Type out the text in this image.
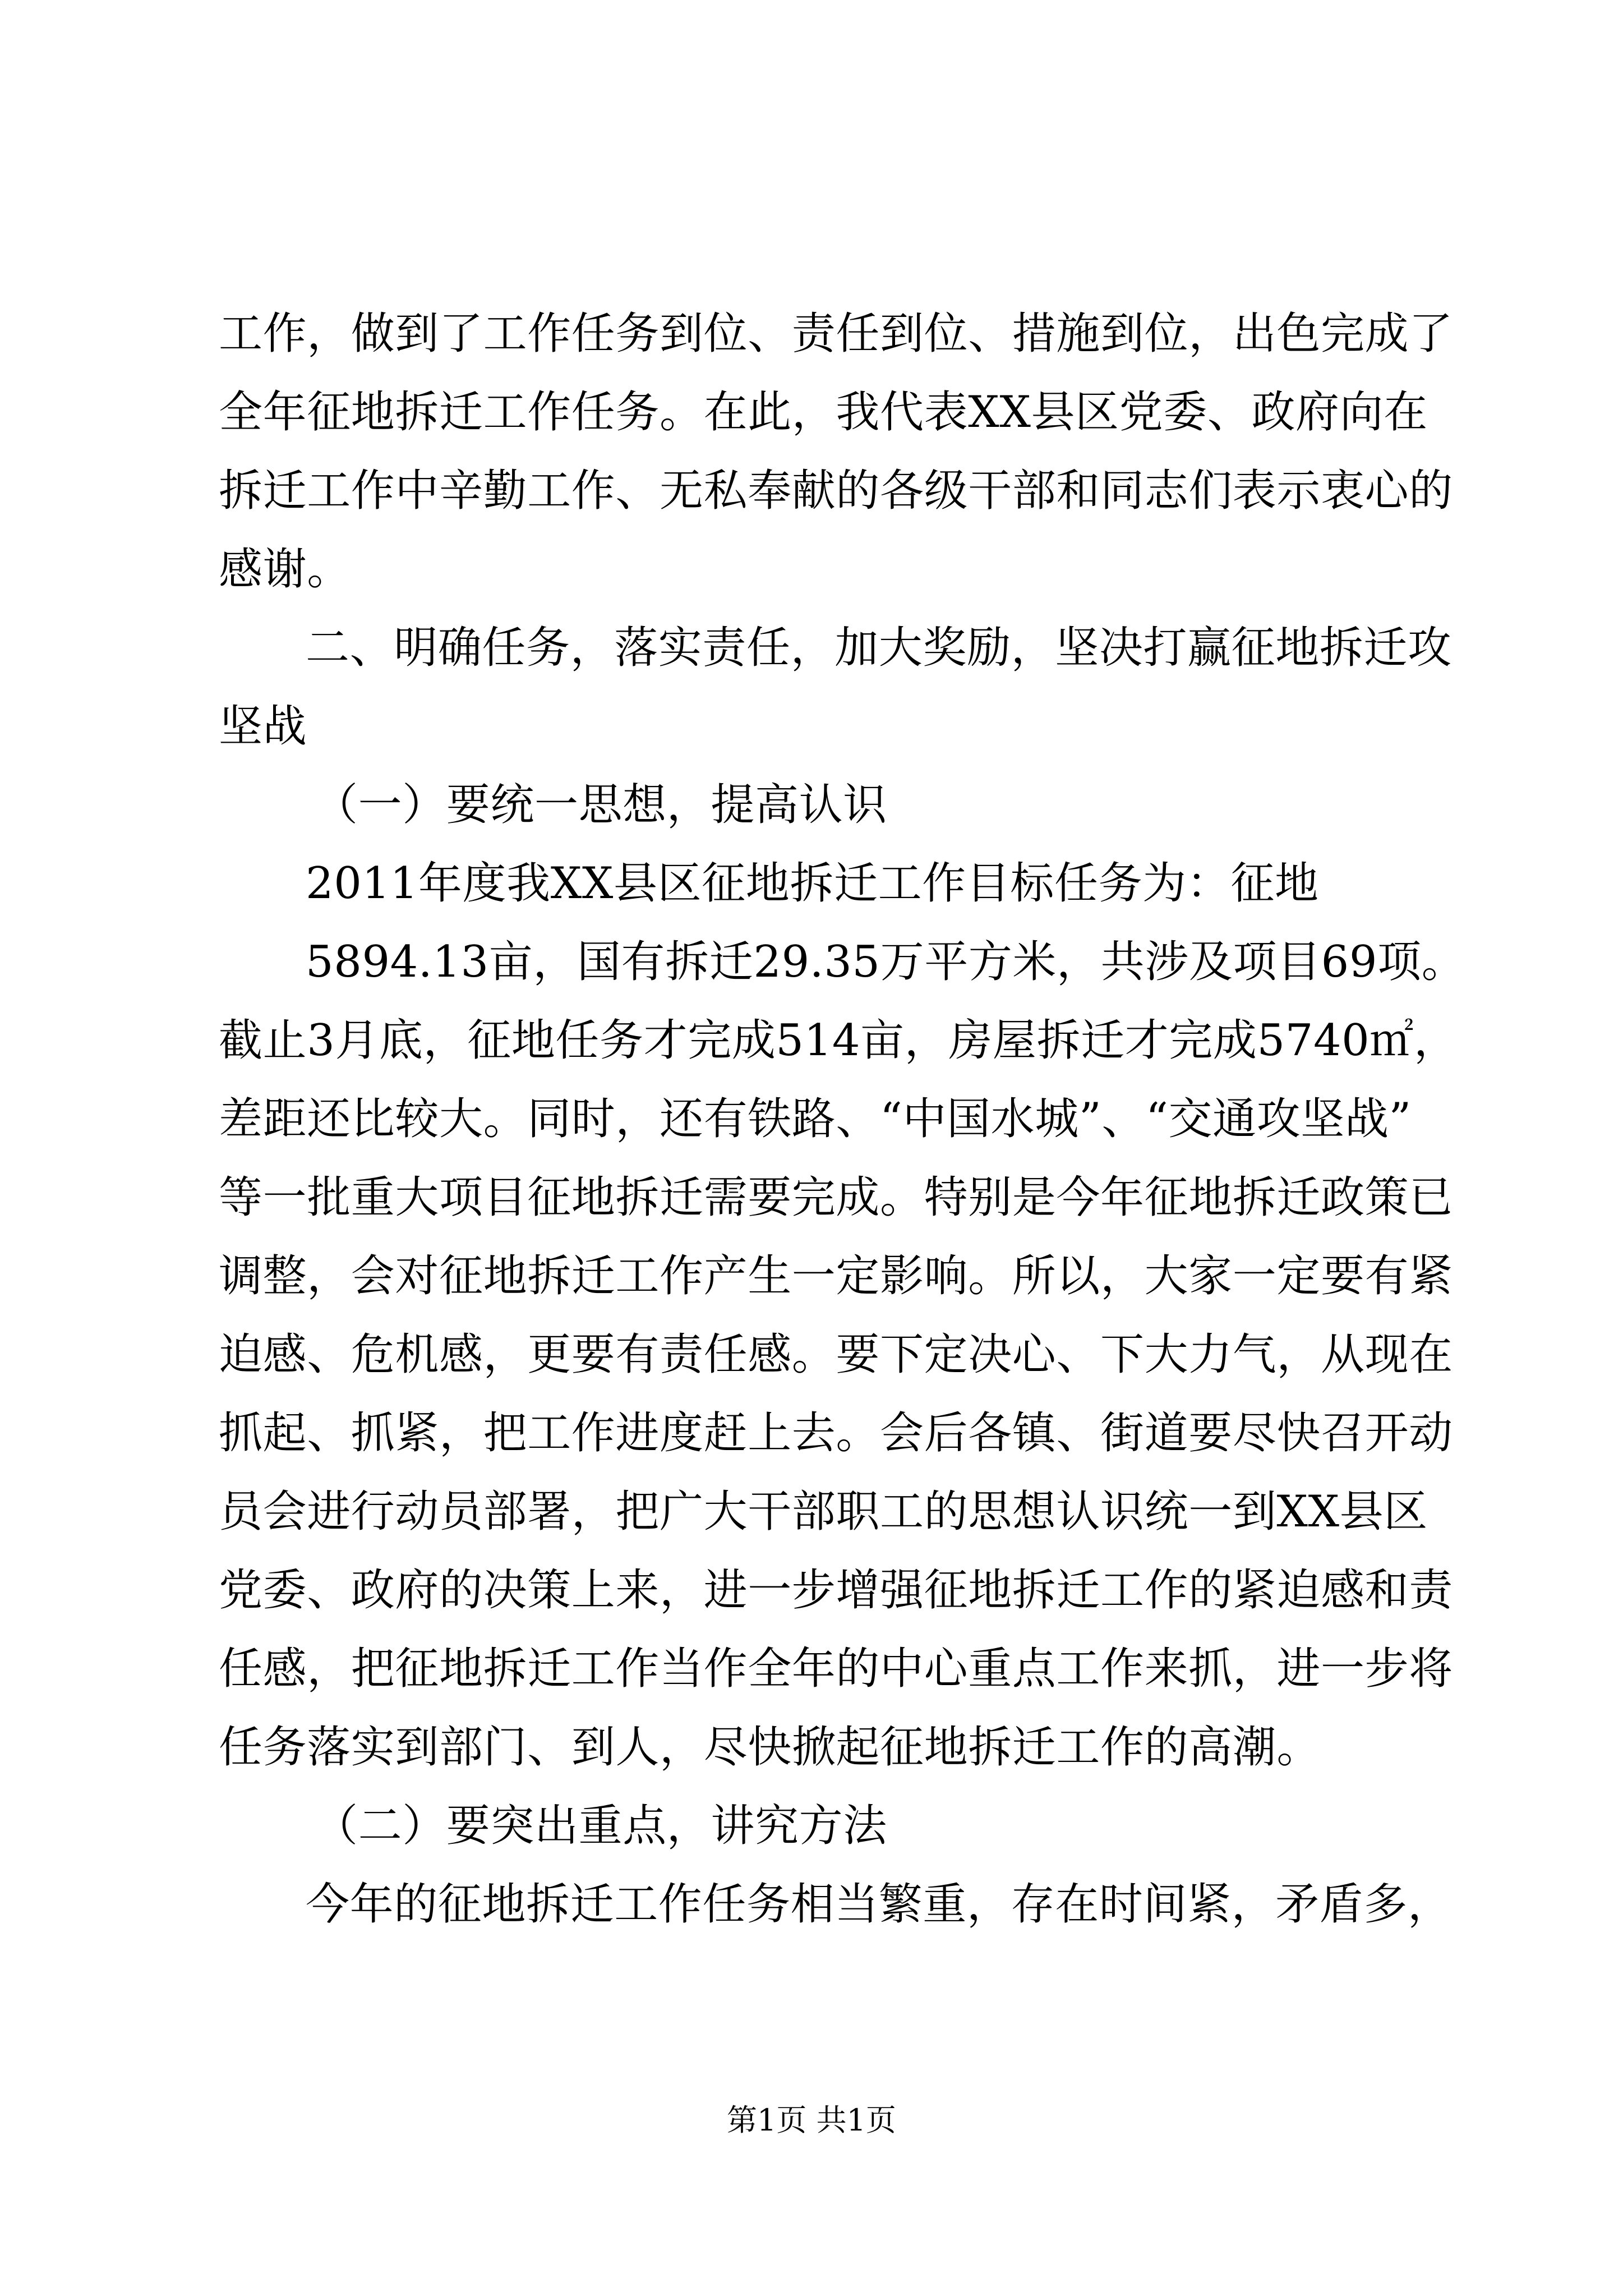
工作，做到了工作任务到位、责任到位、措施到位，出色完成了
全年征地拆迁工作任务。在此，我代表XX县区党委、政府向在
拆迁工作中辛勤工作、无私奉献的各级干部和同志们表示衷心的
感谢。
二、明确任务，落实责任，加大奖励，坚决打赢征地拆迁攻
坚战
（一）要统一思想，提高认识
2011年度我XX县区征地拆迁工作目标任务为：征地
5894.13亩，国有拆迁29.35万平方米，共涉及项目69项。
截止3月底，征地任务才完成514亩，房屋拆迁才完成5740㎡，
差距还比较大。同时，还有铁路、“中国水城”、“交通攻坚战”
等一批重大项目征地拆迁需要完成。特别是今年征地拆迁政策已
调整，会对征地拆迁工作产生一定影响。所以，大家一定要有紧
迫感、危机感，更要有责任感。要下定决心、下大力气，从现在
抓起、抓紧，把工作进度赶上去。会后各镇、街道要尽快召开动
员会进行动员部署，把广大干部职工的思想认识统一到XX县区
党委、政府的决策上来，进一步增强征地拆迁工作的紧迫感和责
任感，把征地拆迁工作当作全年的中心重点工作来抓，进一步将
任务落实到部门、到人，尽快掀起征地拆迁工作的高潮。
（二）要突出重点，讲究方法
今年的征地拆迁工作任务相当繁重，存在时间紧，矛盾多，
第1页 共1页
